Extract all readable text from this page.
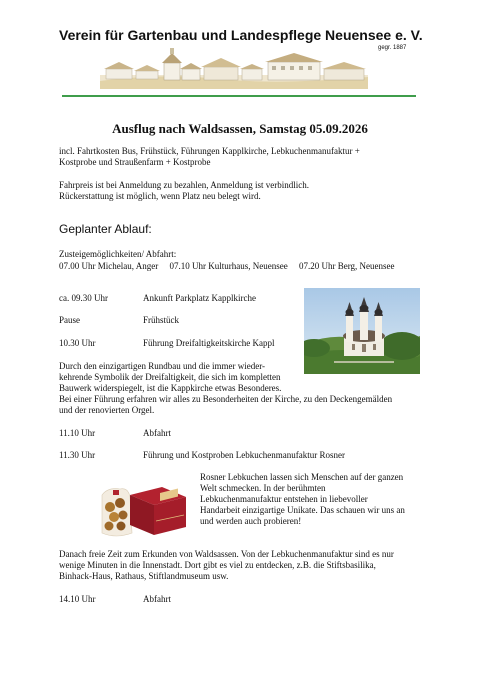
Verein für Gartenbau und Landespflege Neuensee e. V.
gegr. 1887
Ausflug nach Waldsassen, Samstag 05.09.2026
incl. Fahrtkosten Bus, Frühstück, Führungen Kapplkirche, Lebkuchenmanufaktur +
Kostprobe und Straußenfarm + Kostprobe
Fahrpreis ist bei Anmeldung zu bezahlen, Anmeldung ist verbindlich.
Rückerstattung ist möglich, wenn Platz neu belegt wird.
Geplanter Ablauf:
Zusteigemöglichkeiten/ Abfahrt:
07.00 Uhr Michelau, Anger     07.10 Uhr Kulturhaus, Neuensee     07.20 Uhr Berg, Neuensee
ca. 09.30 Uhr	Ankunft Parkplatz Kapplkirche
Pause	Frühstück
10.30 Uhr	Führung Dreifaltigkeitskirche Kappl
Durch den einzigartigen Rundbau und die immer wieder-
kehrende Symbolik der Dreifaltigkeit, die sich im kompletten
Bauwerk widerspiegelt, ist die Kappkirche etwas Besonderes.
Bei einer Führung erfahren wir alles zu Besonderheiten der Kirche, zu den Deckengemälden
und der renovierten Orgel.
11.10 Uhr	Abfahrt
11.30 Uhr	Führung und Kostproben Lebkuchenmanufaktur Rosner
Rosner Lebkuchen lassen sich Menschen auf der ganzen
Welt schmecken. In der berühmten
Lebkuchenmanufaktur entstehen in liebevoller
Handarbeit einzigartige Unikate. Das schauen wir uns an
und werden auch probieren!
Danach freie Zeit zum Erkunden von Waldsassen. Von der Lebkuchenmanufaktur sind es nur
wenige Minuten in die Innenstadt. Dort gibt es viel zu entdecken, z.B. die Stiftsbasilika,
Binhack-Haus, Rathaus, Stiftlandmuseum usw.
14.10 Uhr	Abfahrt
